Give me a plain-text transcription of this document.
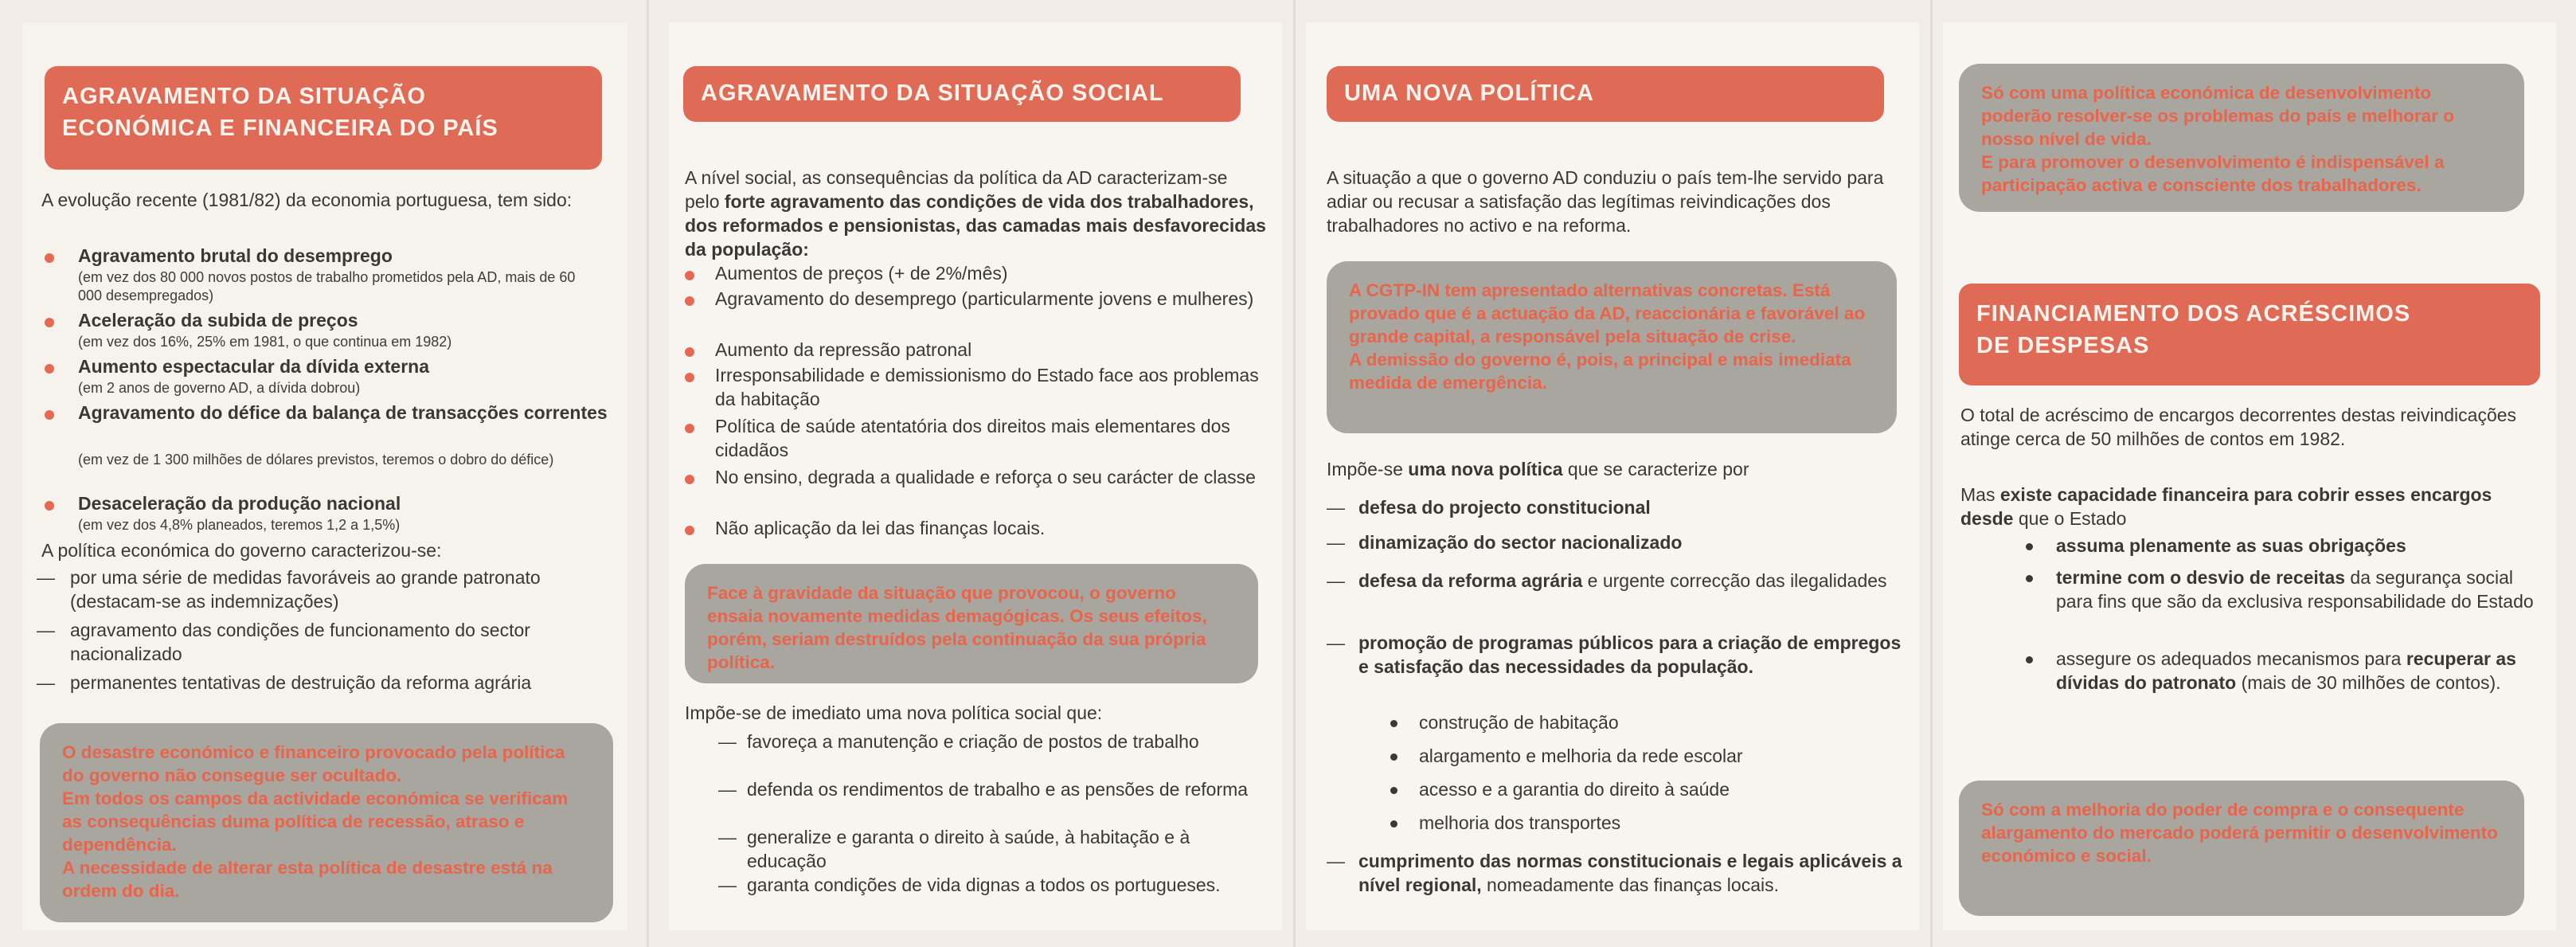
AGRAVAMENTO DA SITUAÇÃO
ECONÓMICA E FINANCEIRA DO PAÍS
A evolução recente (1981/82) da economia portuguesa, tem sido:
Agravamento brutal do desemprego
(em vez dos 80 000 novos postos de trabalho prometidos pela AD, mais de 60 000 desempregados)
Aceleração da subida de preços
(em vez dos 16%, 25% em 1981, o que continua em 1982)
Aumento espectacular da dívida externa
(em 2 anos de governo AD, a dívida dobrou)
Agravamento do défice da balança de transacções correntes
(em vez de 1 300 milhões de dólares previstos, teremos o dobro do défice)
Desaceleração da produção nacional
(em vez dos 4,8% planeados, teremos 1,2 a 1,5%)
A política económica do governo caracterizou-se:
— por uma série de medidas favoráveis ao grande patronato (destacam-se as indemnizações)
— agravamento das condições de funcionamento do sector nacionalizado
— permanentes tentativas de destruição da reforma agrária

O desastre económico e financeiro provocado pela política do governo não consegue ser ocultado.

Em todos os campos da actividade económica se verificam as consequências duma política de recessão, atraso e dependência.

A necessidade de alterar esta política de desastre está na ordem do dia.

AGRAVAMENTO DA SITUAÇÃO SOCIAL
A nível social, as consequências da política da AD caracterizam-se pelo forte agravamento das condições de vida dos trabalhadores, dos reformados e pensionistas, das camadas mais desfavorecidas da população:
Aumentos de preços (+ de 2%/mês)
Agravamento do desemprego (particularmente jovens e mulheres)
Aumento da repressão patronal
Irresponsabilidade e demissionismo do Estado face aos problemas da habitação
Política de saúde atentatória dos direitos mais elementares dos cidadãos
No ensino, degrada a qualidade e reforça o seu carácter de classe
Não aplicação da lei das finanças locais.

Face à gravidade da situação que provocou, o governo ensaia novamente medidas demagógicas. Os seus efeitos, porém, seriam destruídos pela continuação da sua própria política.

Impõe-se de imediato uma nova política social que:
— favoreça a manutenção e criação de postos de trabalho
— defenda os rendimentos de trabalho e as pensões de reforma
— generalize e garanta o direito à saúde, à habitação e à educação
— garanta condições de vida dignas a todos os portugueses.
UMA NOVA POLÍTICA
A situação a que o governo AD conduziu o país tem-lhe servido para adiar ou recusar a satisfação das legítimas reivindicações dos trabalhadores no activo e na reforma.

A CGTP-IN tem apresentado alternativas concretas. Está provado que é a actuação da AD, reaccionária e favorável ao grande capital, a responsável pela situação de crise.

A demissão do governo é, pois, a principal e mais imediata medida de emergência.

Impõe-se uma nova política que se caracterize por
— defesa do projecto constitucional
— dinamização do sector nacionalizado
— defesa da reforma agrária e urgente correcção das ilegalidades
— promoção de programas públicos para a criação de empregos e satisfação das necessidades da população.
construção de habitação
alargamento e melhoria da rede escolar
acesso e a garantia do direito à saúde
melhoria dos transportes
— cumprimento das normas constitucionais e legais aplicáveis a nível regional, nomeadamente das finanças locais.

Só com uma política económica de desenvolvimento poderão resolver-se os problemas do país e melhorar o nosso nível de vida.

E para promover o desenvolvimento é indispensável a participação activa e consciente dos trabalhadores.

FINANCIAMENTO DOS ACRÉSCIMOS
DE DESPESAS
O total de acréscimo de encargos decorrentes destas reivindicações atinge cerca de 50 milhões de contos em 1982.
Mas existe capacidade financeira para cobrir esses encargos desde que o Estado
assuma plenamente as suas obrigações
termine com o desvio de receitas da segurança social para fins que são da exclusiva responsabilidade do Estado
assegure os adequados mecanismos para recuperar as dívidas do patronato (mais de 30 milhões de contos).

Só com a melhoria do poder de compra e o consequente alargamento do mercado poderá permitir o desenvolvimento económico e social.
